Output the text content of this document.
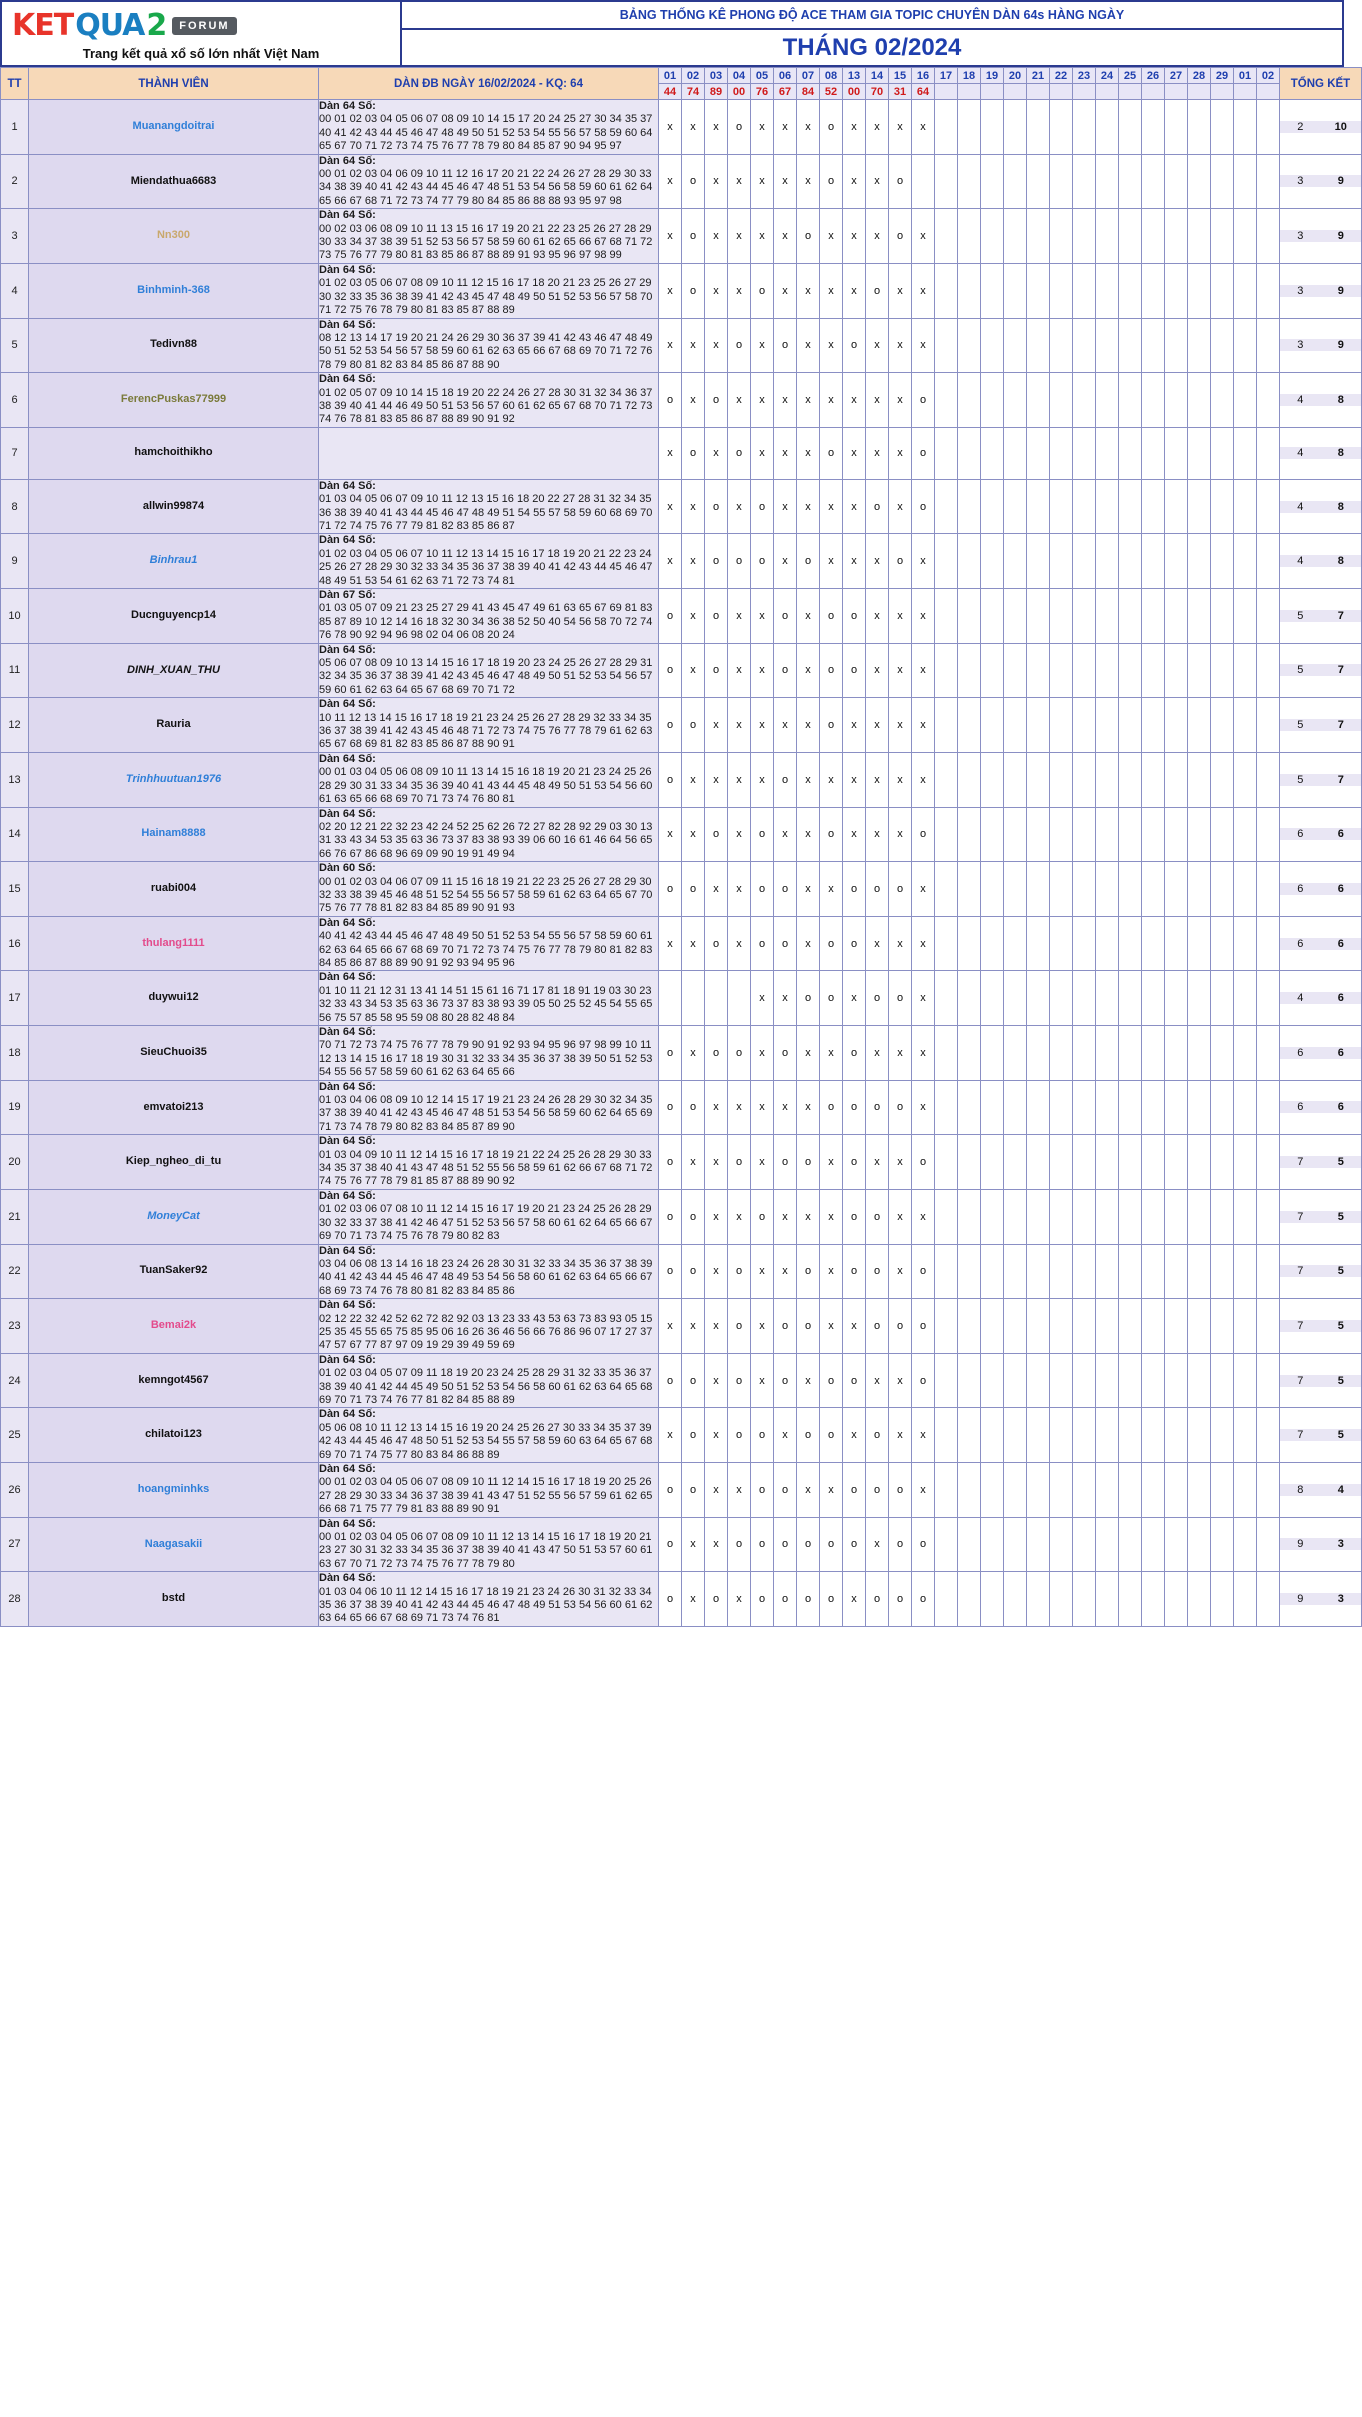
KET QUA 2	FORUM
Trang kết quả xổ số lớn nhất Việt Nam
BẢNG THỐNG KÊ PHONG ĐỘ ACE THAM GIA TOPIC CHUYÊN DÀN 64s HÀNG NGÀY
THÁNG 02/2024
TT	THÀNH VIÊN	DÀN ĐB NGÀY 16/02/2024 - KQ: 64	01	02	03	04	05	06	07	08	13	14	15	16	17	18	19	20	21	22	23	24	25	26	27	28	29	01	02	TỔNG KẾT
44	74	89	00	76	67	84	52	00	70	31	64															
1	Muanangdoitrai	
Dàn 64 Số:
00 01 02 03 04 05 06 07 08 09 10 14 15 17 20 24 25 27 30 34 35 37 40 41 42 43 44 45 46 47 48 49 50 51 52 53 54 55 56 57 58 59 60 64 65 67 70 71 72 73 74 75 76 77 78 79 80 84 85 87 90 94 95 97	x	x	x	o	x	x	x	o	x	x	x	x																	2	10

2	Miendathua6683	
Dàn 64 Số:
00 01 02 03 04 06 09 10 11 12 16 17 20 21 22 24 26 27 28 29 30 33 34 38 39 40 41 42 43 44 45 46 47 48 51 53 54 56 58 59 60 61 62 64 65 66 67 68 71 72 73 74 77 79 80 84 85 86 88 88 93 95 97 98	x	o	x	x	x	x	x	o	x	x	o																		3	9

3	Nn300	
Dàn 64 Số:
00 02 03 06 08 09 10 11 13 15 16 17 19 20 21 22 23 25 26 27 28 29 30 33 34 37 38 39 51 52 53 56 57 58 59 60 61 62 65 66 67 68 71 72 73 75 76 77 79 80 81 83 85 86 87 88 89 91 93 95 96 97 98 99	x	o	x	x	x	x	o	x	x	x	o	x																	3	9

4	Binhminh-368	
Dàn 64 Số:
01 02 03 05 06 07 08 09 10 11 12 15 16 17 18 20 21 23 25 26 27 29 30 32 33 35 36 38 39 41 42 43 45 47 48 49 50 51 52 53 56 57 58 70 71 72 75 76 78 79 80 81 83 85 87 88 89	x	o	x	x	o	x	x	x	x	o	x	x																	3	9

5	Tedivn88	
Dàn 64 Số:
08 12 13 14 17 19 20 21 24 26 29 30 36 37 39 41 42 43 46 47 48 49 50 51 52 53 54 56 57 58 59 60 61 62 63 65 66 67 68 69 70 71 72 76 78 79 80 81 82 83 84 85 86 87 88 90	x	x	x	o	x	o	x	x	o	x	x	x																	3	9

6	FerencPuskas77999	
Dàn 64 Số:
01 02 05 07 09 10 14 15 18 19 20 22 24 26 27 28 30 31 32 34 36 37 38 39 40 41 44 46 49 50 51 53 56 57 60 61 62 65 67 68 70 71 72 73 74 76 78 81 83 85 86 87 88 89 90 91 92	o	x	o	x	x	x	x	x	x	x	x	o																	4	8

7	hamchoithikho		x	o	x	o	x	x	x	o	x	x	x	o																	4	8

8	allwin99874	
Dàn 64 Số:
01 03 04 05 06 07 09 10 11 12 13 15 16 18 20 22 27 28 31 32 34 35 36 38 39 40 41 43 44 45 46 47 48 49 51 54 55 57 58 59 60 68 69 70 71 72 74 75 76 77 79 81 82 83 85 86 87	x	x	o	x	o	x	x	x	x	o	x	o																	4	8

9	Binhrau1	
Dàn 64 Số:
01 02 03 04 05 06 07 10 11 12 13 14 15 16 17 18 19 20 21 22 23 24 25 26 27 28 29 30 32 33 34 35 36 37 38 39 40 41 42 43 44 45 46 47 48 49 51 53 54 61 62 63 71 72 73 74 81	x	x	o	o	o	x	o	x	x	x	o	x																	4	8

10	Ducnguyencp14	
Dàn 67 Số:
01 03 05 07 09 21 23 25 27 29 41 43 45 47 49 61 63 65 67 69 81 83 85 87 89 10 12 14 16 18 32 30 34 36 38 52 50 40 54 56 58 70 72 74 76 78 90 92 94 96 98 02 04 06 08 20 24	o	x	o	x	x	o	x	o	o	x	x	x																	5	7

11	DINH_XUAN_THU	
Dàn 64 Số:
05 06 07 08 09 10 13 14 15 16 17 18 19 20 23 24 25 26 27 28 29 31 32 34 35 36 37 38 39 41 42 43 45 46 47 48 49 50 51 52 53 54 56 57 59 60 61 62 63 64 65 67 68 69 70 71 72	o	x	o	x	x	o	x	o	o	x	x	x																	5	7

12	Rauria	
Dàn 64 Số:
10 11 12 13 14 15 16 17 18 19 21 23 24 25 26 27 28 29 32 33 34 35 36 37 38 39 41 42 43 45 46 48 71 72 73 74 75 76 77 78 79 61 62 63 65 67 68 69 81 82 83 85 86 87 88 90 91	o	o	x	x	x	x	x	o	x	x	x	x																	5	7

13	Trinhhuutuan1976	
Dàn 64 Số:
00 01 03 04 05 06 08 09 10 11 13 14 15 16 18 19 20 21 23 24 25 26 28 29 30 31 33 34 35 36 39 40 41 43 44 45 48 49 50 51 53 54 56 60 61 63 65 66 68 69 70 71 73 74 76 80 81	o	x	x	x	x	o	x	x	x	x	x	x																	5	7

14	Hainam8888	
Dàn 64 Số:
02 20 12 21 22 32 23 42 24 52 25 62 26 72 27 82 28 92 29 03 30 13 31 33 43 34 53 35 63 36 73 37 83 38 93 39 06 60 16 61 46 64 56 65 66 76 67 86 68 96 69 09 90 19 91 49 94	x	x	o	x	o	x	x	o	x	x	x	o																	6	6

15	ruabi004	
Dàn 60 Số:
00 01 02 03 04 06 07 09 11 15 16 18 19 21 22 23 25 26 27 28 29 30 32 33 38 39 45 46 48 51 52 54 55 56 57 58 59 61 62 63 64 65 67 70 75 76 77 78 81 82 83 84 85 89 90 91 93	o	o	x	x	o	o	x	x	o	o	o	x																	6	6

16	thulang1111	
Dàn 64 Số:
40 41 42 43 44 45 46 47 48 49 50 51 52 53 54 55 56 57 58 59 60 61 62 63 64 65 66 67 68 69 70 71 72 73 74 75 76 77 78 79 80 81 82 83 84 85 86 87 88 89 90 91 92 93 94 95 96	x	x	o	x	o	o	x	o	o	x	x	x																	6	6

17	duywui12	
Dàn 64 Số:
01 10 11 21 12 31 13 41 14 51 15 61 16 71 17 81 18 91 19 03 30 23 32 33 43 34 53 35 63 36 73 37 83 38 93 39 05 50 25 52 45 54 55 65 56 75 57 85 58 95 59 08 80 28 82 48 84					x	x	o	o	x	o	o	x																	4	6

18	SieuChuoi35	
Dàn 64 Số:
70 71 72 73 74 75 76 77 78 79 90 91 92 93 94 95 96 97 98 99 10 11 12 13 14 15 16 17 18 19 30 31 32 33 34 35 36 37 38 39 50 51 52 53 54 55 56 57 58 59 60 61 62 63 64 65 66	o	x	o	o	x	o	x	x	o	x	x	x																	6	6

19	emvatoi213	
Dàn 64 Số:
01 03 04 06 08 09 10 12 14 15 17 19 21 23 24 26 28 29 30 32 34 35 37 38 39 40 41 42 43 45 46 47 48 51 53 54 56 58 59 60 62 64 65 69 71 73 74 78 79 80 82 83 84 85 87 89 90	o	o	x	x	x	x	x	o	o	o	o	x																	6	6

20	Kiep_ngheo_di_tu	
Dàn 64 Số:
01 03 04 09 10 11 12 14 15 16 17 18 19 21 22 24 25 26 28 29 30 33 34 35 37 38 40 41 43 47 48 51 52 55 56 58 59 61 62 66 67 68 71 72 74 75 76 77 78 79 81 85 87 88 89 90 92	o	x	x	o	x	o	o	x	o	x	x	o																	7	5

21	MoneyCat	
Dàn 64 Số:
01 02 03 06 07 08 10 11 12 14 15 16 17 19 20 21 23 24 25 26 28 29 30 32 33 37 38 41 42 46 47 51 52 53 56 57 58 60 61 62 64 65 66 67 69 70 71 73 74 75 76 78 79 80 82 83	o	o	x	x	o	x	x	x	o	o	x	x																	7	5

22	TuanSaker92	
Dàn 64 Số:
03 04 06 08 13 14 16 18 23 24 26 28 30 31 32 33 34 35 36 37 38 39 40 41 42 43 44 45 46 47 48 49 53 54 56 58 60 61 62 63 64 65 66 67 68 69 73 74 76 78 80 81 82 83 84 85 86	o	o	x	o	x	x	o	x	o	o	x	o																	7	5

23	Bemai2k	
Dàn 64 Số:
02 12 22 32 42 52 62 72 82 92 03 13 23 33 43 53 63 73 83 93 05 15 25 35 45 55 65 75 85 95 06 16 26 36 46 56 66 76 86 96 07 17 27 37 47 57 67 77 87 97 09 19 29 39 49 59 69	x	x	x	o	x	o	o	x	x	o	o	o																	7	5

24	kemngot4567	
Dàn 64 Số:
01 02 03 04 05 07 09 11 18 19 20 23 24 25 28 29 31 32 33 35 36 37 38 39 40 41 42 44 45 49 50 51 52 53 54 56 58 60 61 62 63 64 65 68 69 70 71 73 74 76 77 81 82 84 85 88 89	o	o	x	o	x	o	x	o	o	x	x	o																	7	5

25	chilatoi123	
Dàn 64 Số:
05 06 08 10 11 12 13 14 15 16 19 20 24 25 26 27 30 33 34 35 37 39 42 43 44 45 46 47 48 50 51 52 53 54 55 57 58 59 60 63 64 65 67 68 69 70 71 74 75 77 80 83 84 86 88 89	x	o	x	o	o	x	o	o	x	o	x	x																	7	5

26	hoangminhks	
Dàn 64 Số:
00 01 02 03 04 05 06 07 08 09 10 11 12 14 15 16 17 18 19 20 25 26 27 28 29 30 33 34 36 37 38 39 41 43 47 51 52 55 56 57 59 61 62 65 66 68 71 75 77 79 81 83 88 89 90 91	o	o	x	x	o	o	x	x	o	o	o	x																	8	4

27	Naagasakii	
Dàn 64 Số:
00 01 02 03 04 05 06 07 08 09 10 11 12 13 14 15 16 17 18 19 20 21 23 27 30 31 32 33 34 35 36 37 38 39 40 41 43 47 50 51 53 57 60 61 63 67 70 71 72 73 74 75 76 77 78 79 80	o	x	x	o	o	o	o	o	o	x	o	o																	9	3

28	bstd	
Dàn 64 Số:
01 03 04 06 10 11 12 14 15 16 17 18 19 21 23 24 26 30 31 32 33 34 35 36 37 38 39 40 41 42 43 44 45 46 47 48 49 51 53 54 56 60 61 62 63 64 65 66 67 68 69 71 73 74 76 81	o	x	o	x	o	o	o	o	x	o	o	o																	9	3
